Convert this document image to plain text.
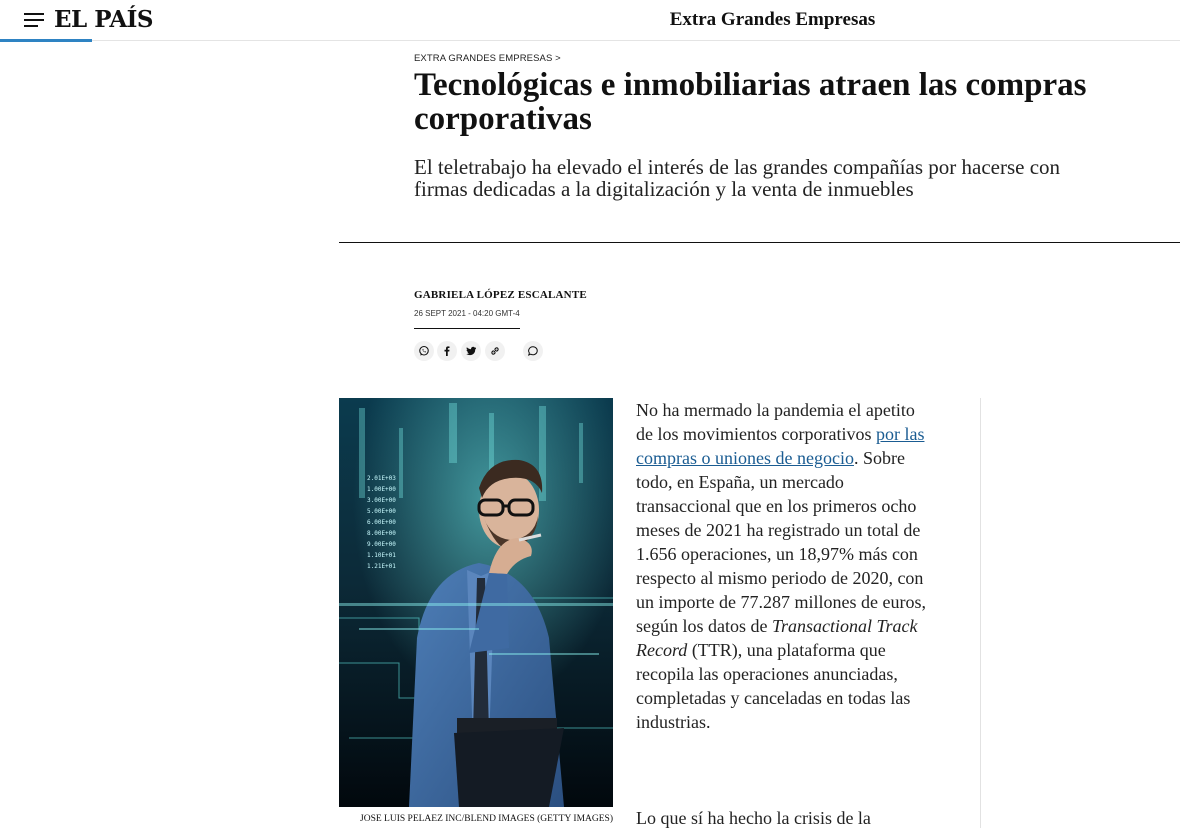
EL PAÍS	Extra Grandes Empresas
EXTRA GRANDES EMPRESAS >
Tecnológicas e inmobiliarias atraen las compras
corporativas

El teletrabajo ha elevado el interés de las grandes compañías por hacerse con
firmas dedicadas a la digitalización y la venta de inmuebles

GABRIELA LÓPEZ ESCALANTE
26 SEPT 2021 - 04:20 GMT-4
2.01E+03
1.00E+00
3.00E+00
5.00E+00
6.00E+00
8.00E+00
9.00E+00
1.10E+01
1.21E+01
JOSE LUIS PELAEZ INC/BLEND IMAGES (GETTY IMAGES)

No ha mermado la pandemia el apetito de los movimientos corporativos por las compras o uniones de negocio. Sobre todo, en España, un mercado transaccional que en los primeros ocho meses de 2021 ha registrado un total de 1.656 operaciones, un 18,97% más con respecto al mismo periodo de 2020, con un importe de 77.287 millones de euros, según los datos de Transactional Track Record (TTR), una plataforma que recopila las operaciones anunciadas, completadas y canceladas en todas las industrias.

Lo que sí ha hecho la crisis de la
